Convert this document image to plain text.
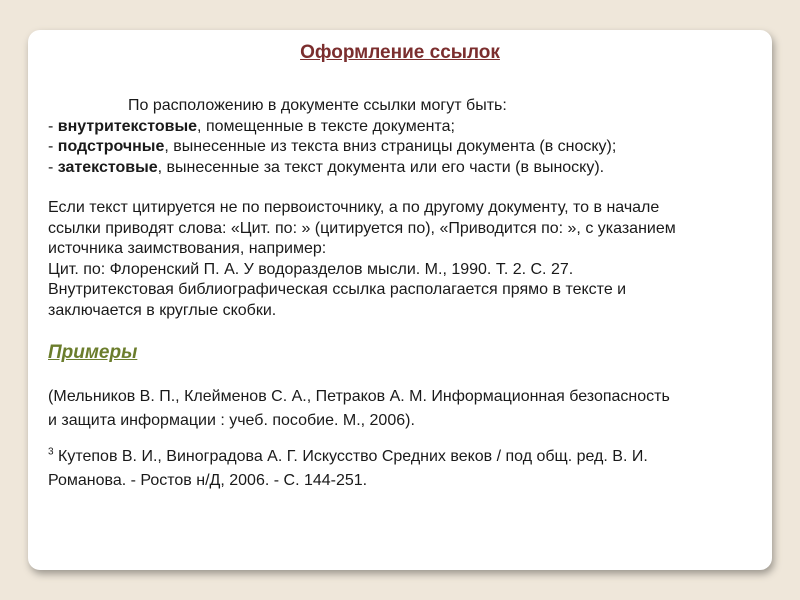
Оформление ссылок

По расположению в документе ссылки могут быть:

- внутритекстовые, помещенные в тексте документа;

- подстрочные, вынесенные из текста вниз страницы документа (в сноску);

- затекстовые, вынесенные за текст документа или его части (в выноску).

Если текст цитируется не по первоисточнику, а по другому документу, то в начале

ссылки приводят слова: «Цит. по: » (цитируется по), «Приводится по: », с указанием

источника заимствования, например:

Цит. по: Флоренский П. А. У водоразделов мысли. М., 1990. Т. 2. С. 27.

Внутритекстовая библиографическая ссылка располагается прямо в тексте и

заключается в круглые скобки.

Примеры

(Мельников В. П., Клейменов С. А., Петраков А. М. Информационная безопасность

и защита информации : учеб. пособие. М., 2006).

$^3$ Кутепов В. И., Виноградова А. Г. Искусство Средних веков / под общ. ред. В. И.

Романова. - Ростов н/Д, 2006. - С. 144-251.
